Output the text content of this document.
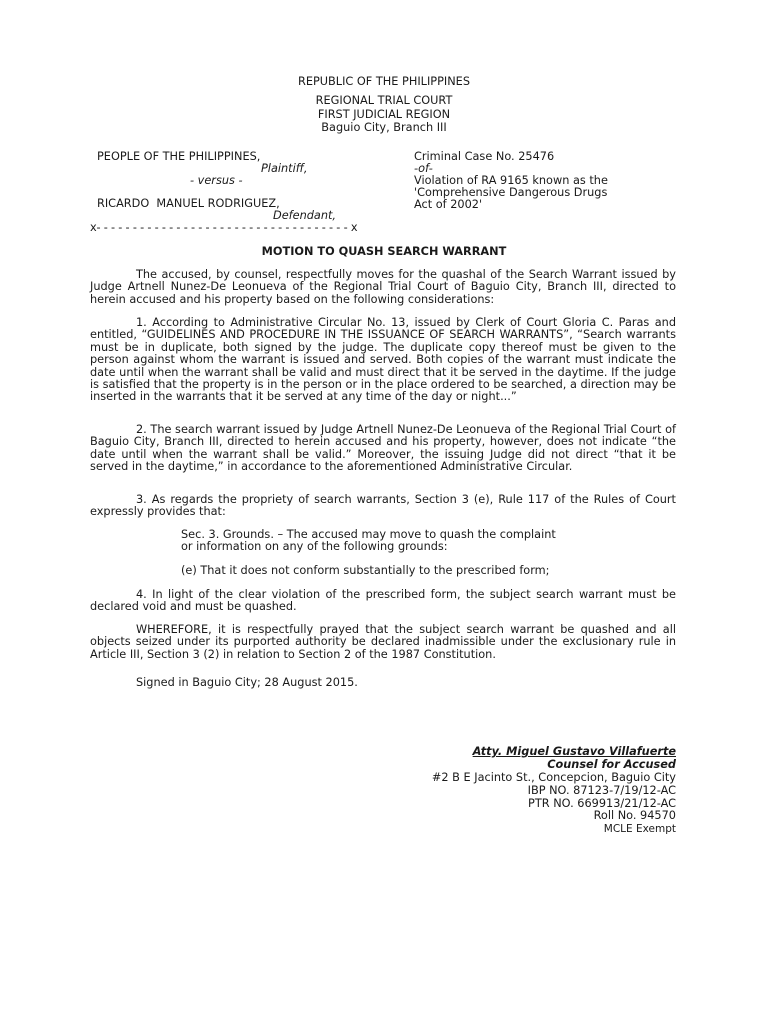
REPUBLIC OF THE PHILIPPINES
REGIONAL TRIAL COURT
FIRST JUDICIAL REGION
Baguio City, Branch III
PEOPLE OF THE PHILIPPINES,
Plaintiff,
- versus -
RICARDO  MANUEL RODRIGUEZ,
Defendant,
x- - - - - - - - - - - - - - - - - - - - - - - - - - - - - - - - - - - x
Criminal Case No. 25476
-of-
Violation of RA 9165 known as the
'Comprehensive Dangerous Drugs
Act of 2002'
MOTION TO QUASH SEARCH WARRANT
The accused, by counsel, respectfully moves for the quashal of the Search Warrant issued by Judge Artnell Nunez-De Leonueva of the Regional Trial Court of Baguio City, Branch III, directed to herein accused and his property based on the following considerations:
1. According to Administrative Circular No. 13, issued by Clerk of Court Gloria C. Paras and entitled, “GUIDELINES AND PROCEDURE IN THE ISSUANCE OF SEARCH WARRANTS”, “Search warrants must be in duplicate, both signed by the judge. The duplicate copy thereof must be given to the person against whom the warrant is issued and served. Both copies of the warrant must indicate the date until when the warrant shall be valid and must direct that it be served in the daytime. If the judge is satisfied that the property is in the person or in the place ordered to be searched, a direction may be inserted in the warrants that it be served at any time of the day or night...”
2. The search warrant issued by Judge Artnell Nunez-De Leonueva of the Regional Trial Court of Baguio City, Branch III, directed to herein accused and his property, however, does not indicate “the date until when the warrant shall be valid.” Moreover, the issuing Judge did not direct “that it be served in the daytime,” in accordance to the aforementioned Administrative Circular.
3. As regards the propriety of search warrants, Section 3 (e), Rule 117 of the Rules of Court expressly provides that:
Sec. 3. Grounds. – The accused may move to quash the complaint
or information on any of the following grounds:
(e) That it does not conform substantially to the prescribed form;
4. In light of the clear violation of the prescribed form, the subject search warrant must be declared void and must be quashed.
WHEREFORE, it is respectfully prayed that the subject search warrant be quashed and all objects seized under its purported authority be declared inadmissible under the exclusionary rule in Article III, Section 3 (2) in relation to Section 2 of the 1987 Constitution.
Signed in Baguio City; 28 August 2015.
Atty. Miguel Gustavo Villafuerte
Counsel for Accused
#2 B E Jacinto St., Concepcion, Baguio City
IBP NO. 87123-7/19/12-AC
PTR NO. 669913/21/12-AC
Roll No. 94570
MCLE Exempt
